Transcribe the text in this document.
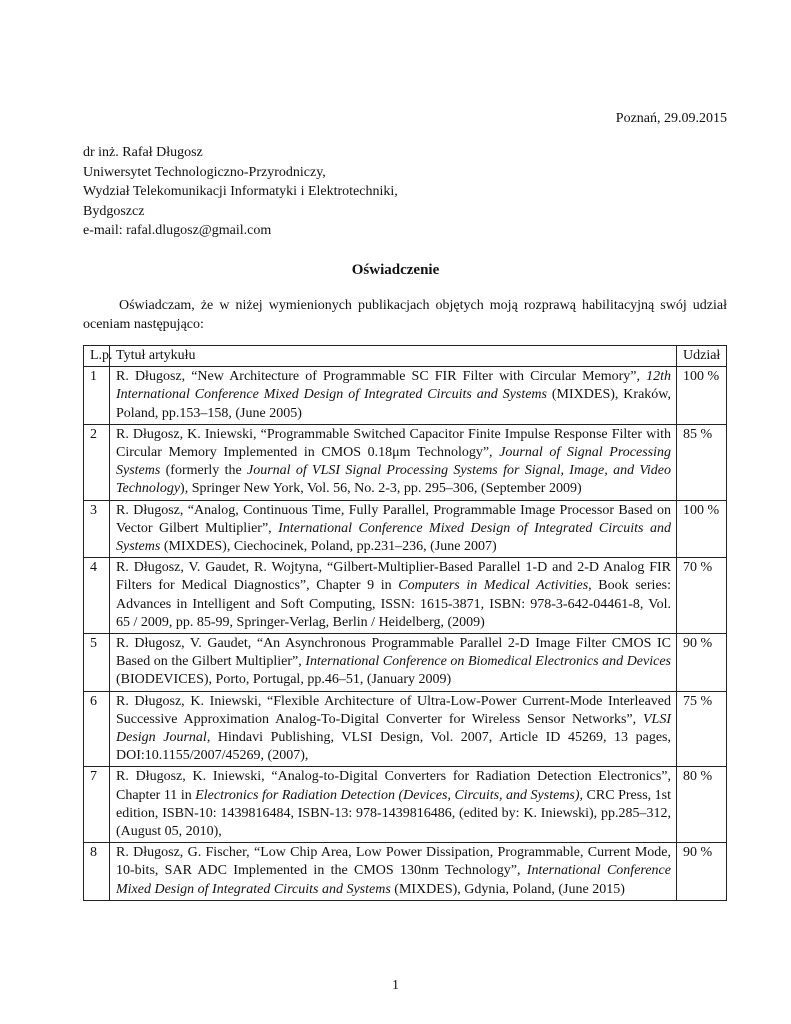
Poznań, 29.09.2015
dr inż. Rafał Długosz
Uniwersytet Technologiczno-Przyrodniczy,
Wydział Telekomunikacji Informatyki i Elektrotechniki,
Bydgoszcz
e-mail: rafal.dlugosz@gmail.com
Oświadczenie
Oświadczam, że w niżej wymienionych publikacjach objętych moją rozprawą habilitacyjną swój udział oceniam następująco:
L.p.	Tytuł artykułu	Udział
1	R. Długosz, “New Architecture of Programmable SC FIR Filter with Circular Memory”, 12th International Conference Mixed Design of Integrated Circuits and Systems (MIXDES), Kraków, Poland, pp.153–158, (June 2005)	100 %
2	R. Długosz, K. Iniewski, “Programmable Switched Capacitor Finite Impulse Response Filter with Circular Memory Implemented in CMOS 0.18μm Technology”, Journal of Signal Processing Systems (formerly the Journal of VLSI Signal Processing Systems for Signal, Image, and Video Technology), Springer New York, Vol. 56, No. 2-3, pp. 295–306, (September 2009)	85 %
3	R. Długosz, “Analog, Continuous Time, Fully Parallel, Programmable Image Processor Based on Vector Gilbert Multiplier”, International Conference Mixed Design of Integrated Circuits and Systems (MIXDES), Ciechocinek, Poland, pp.231–236, (June 2007)	100 %
4	R. Długosz, V. Gaudet, R. Wojtyna, “Gilbert-Multiplier-Based Parallel 1-D and 2-D Analog FIR Filters for Medical Diagnostics”, Chapter 9 in Computers in Medical Activities, Book series: Advances in Intelligent and Soft Computing, ISSN: 1615-3871, ISBN: 978-3-642-04461-8, Vol. 65 / 2009, pp. 85-99, Springer-Verlag, Berlin / Heidelberg, (2009)	70 %
5	R. Długosz, V. Gaudet, “An Asynchronous Programmable Parallel 2-D Image Filter CMOS IC Based on the Gilbert Multiplier”, International Conference on Biomedical Electronics and Devices (BIODEVICES), Porto, Portugal, pp.46–51, (January 2009)	90 %
6	R. Długosz, K. Iniewski, “Flexible Architecture of Ultra-Low-Power Current-Mode Interleaved Successive Approximation Analog-To-Digital Converter for Wireless Sensor Networks”, VLSI Design Journal, Hindavi Publishing, VLSI Design, Vol. 2007, Article ID 45269, 13 pages, DOI:10.1155/2007/45269, (2007),	75 %
7	R. Długosz, K. Iniewski, “Analog-to-Digital Converters for Radiation Detection Electronics”, Chapter 11 in Electronics for Radiation Detection (Devices, Circuits, and Systems), CRC Press, 1st edition, ISBN-10: 1439816484, ISBN-13: 978-1439816486, (edited by: K. Iniewski), pp.285–312, (August 05, 2010),	80 %
8	R. Długosz, G. Fischer, “Low Chip Area, Low Power Dissipation, Programmable, Current Mode, 10-bits, SAR ADC Implemented in the CMOS 130nm Technology”, International Conference Mixed Design of Integrated Circuits and Systems (MIXDES), Gdynia, Poland, (June 2015)	90 %
1
